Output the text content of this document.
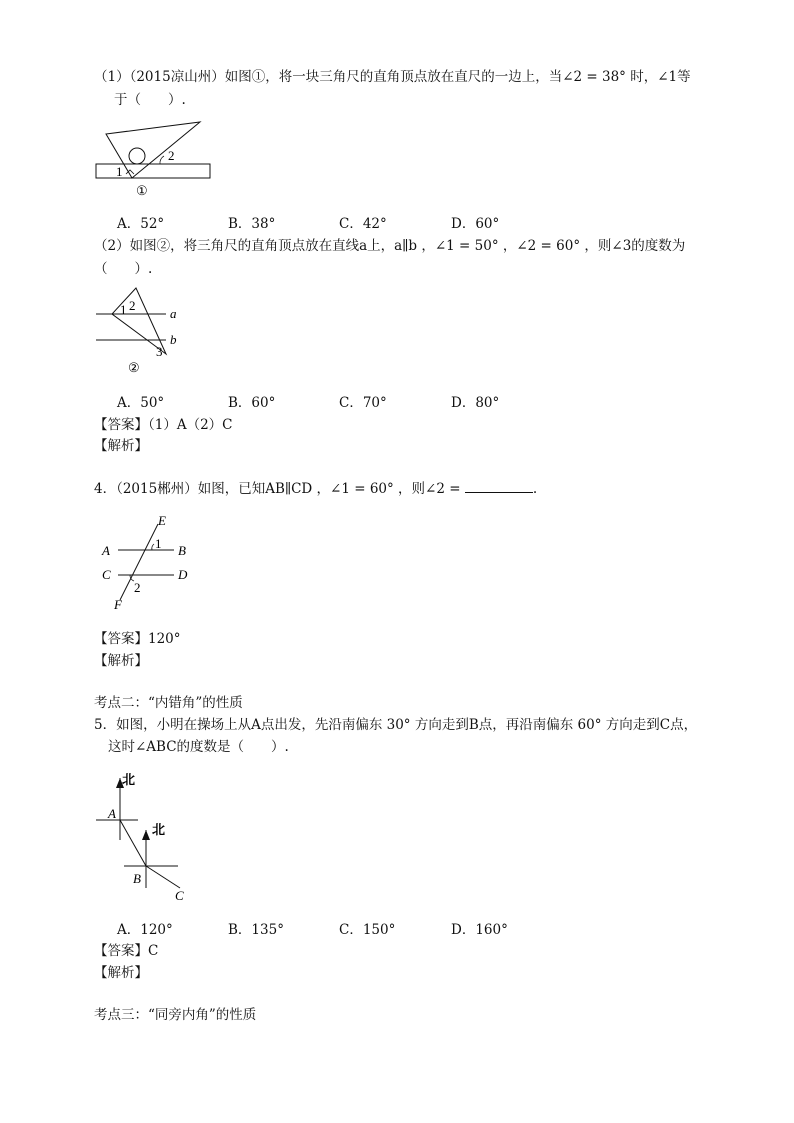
（1）（2015凉山州）如图①，将一块三角尺的直角顶点放在直尺的一边上，当∠2 = 38° 时，∠1等
于（　　）.
1
2
①
A．52°	B．38°	C．42°	D．60°
（2）如图②，将三角尺的直角顶点放在直线a上，a∥b ，∠1 = 50° ，∠2 = 60° ，则∠3的度数为
（　　）.
a
b
1 2
3
②
A．50°	B．60°	C．70°	D．80°
【答案】（1）A（2）C
【解析】
4．（2015郴州）如图，已知AB∥CD ，∠1 = 60° ，则∠2 =	.
A	B
C	D
E
F
1
2
【答案】120°
【解析】
考点二：“内错角”的性质
5．如图，小明在操场上从A点出发，先沿南偏东 30° 方向走到B点，再沿南偏东 60° 方向走到C点，
这时∠ABC的度数是（　　）.
北
北
A
B
C
A．120°	B．135°	C．150°	D．160°
【答案】C
【解析】
考点三：“同旁内角”的性质
